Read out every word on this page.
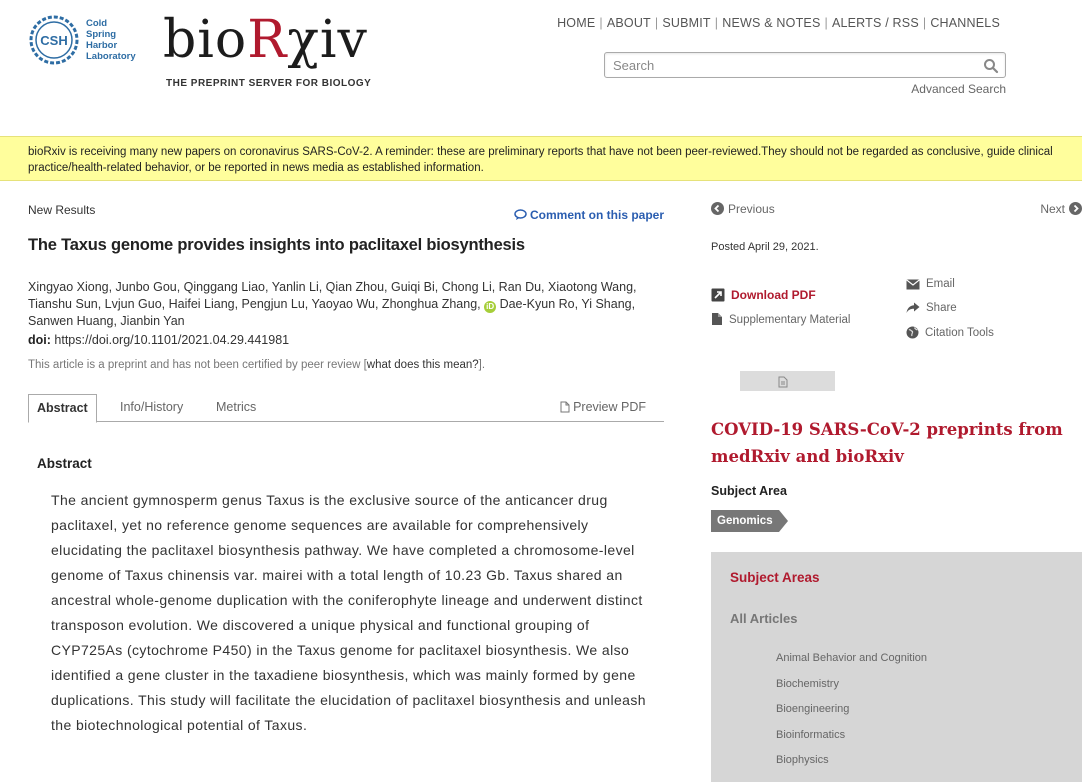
CSH
Cold
Spring
Harbor
Laboratory bioRχiv
THE PREPRINT SERVER FOR BIOLOGY
HOME | ABOUT | SUBMIT | NEWS & NOTES | ALERTS / RSS | CHANNELS
Search
Advanced Search
bioRxiv is receiving many new papers on coronavirus SARS-CoV-2. A reminder: these are preliminary reports that have not been peer-reviewed.They should not be regarded as conclusive, guide clinical practice/health-related behavior, or be reported in news media as established information.
New Results	Comment on this paper
The Taxus genome provides insights into paclitaxel biosynthesis
Xingyao Xiong, Junbo Gou, Qinggang Liao, Yanlin Li, Qian Zhou, Guiqi Bi, Chong Li, Ran Du, Xiaotong Wang, Tianshu Sun, Lvjun Guo, Haifei Liang, Pengjun Lu, Yaoyao Wu, Zhonghua Zhang, iD Dae-Kyun Ro, Yi Shang, Sanwen Huang, Jianbin Yan
doi: https://doi.org/10.1101/2021.04.29.441981
This article is a preprint and has not been certified by peer review [what does this mean?].
Abstract	Info/History	Metrics	Preview PDF
Abstract

The ancient gymnosperm genus Taxus is the exclusive source of the anticancer drug paclitaxel, yet no reference genome sequences are available for comprehensively elucidating the paclitaxel biosynthesis pathway. We have completed a chromosome-level genome of Taxus chinensis var. mairei with a total length of 10.23 Gb. Taxus shared an ancestral whole-genome duplication with the coniferophyte lineage and underwent distinct transposon evolution. We discovered a unique physical and functional grouping of CYP725As (cytochrome P450) in the Taxus genome for paclitaxel biosynthesis. We also identified a gene cluster in the taxadiene biosynthesis, which was mainly formed by gene duplications. This study will facilitate the elucidation of paclitaxel biosynthesis and unleash the biotechnological potential of Taxus.

Previous	Next
Posted April 29, 2021.
Download PDF
Supplementary Material
Email
Share
Citation Tools
COVID-19 SARS-CoV-2 preprints from medRxiv and bioRxiv
Subject Area
Genomics
Subject Areas
All Articles
Animal Behavior and Cognition
Biochemistry
Bioengineering
Bioinformatics
Biophysics
